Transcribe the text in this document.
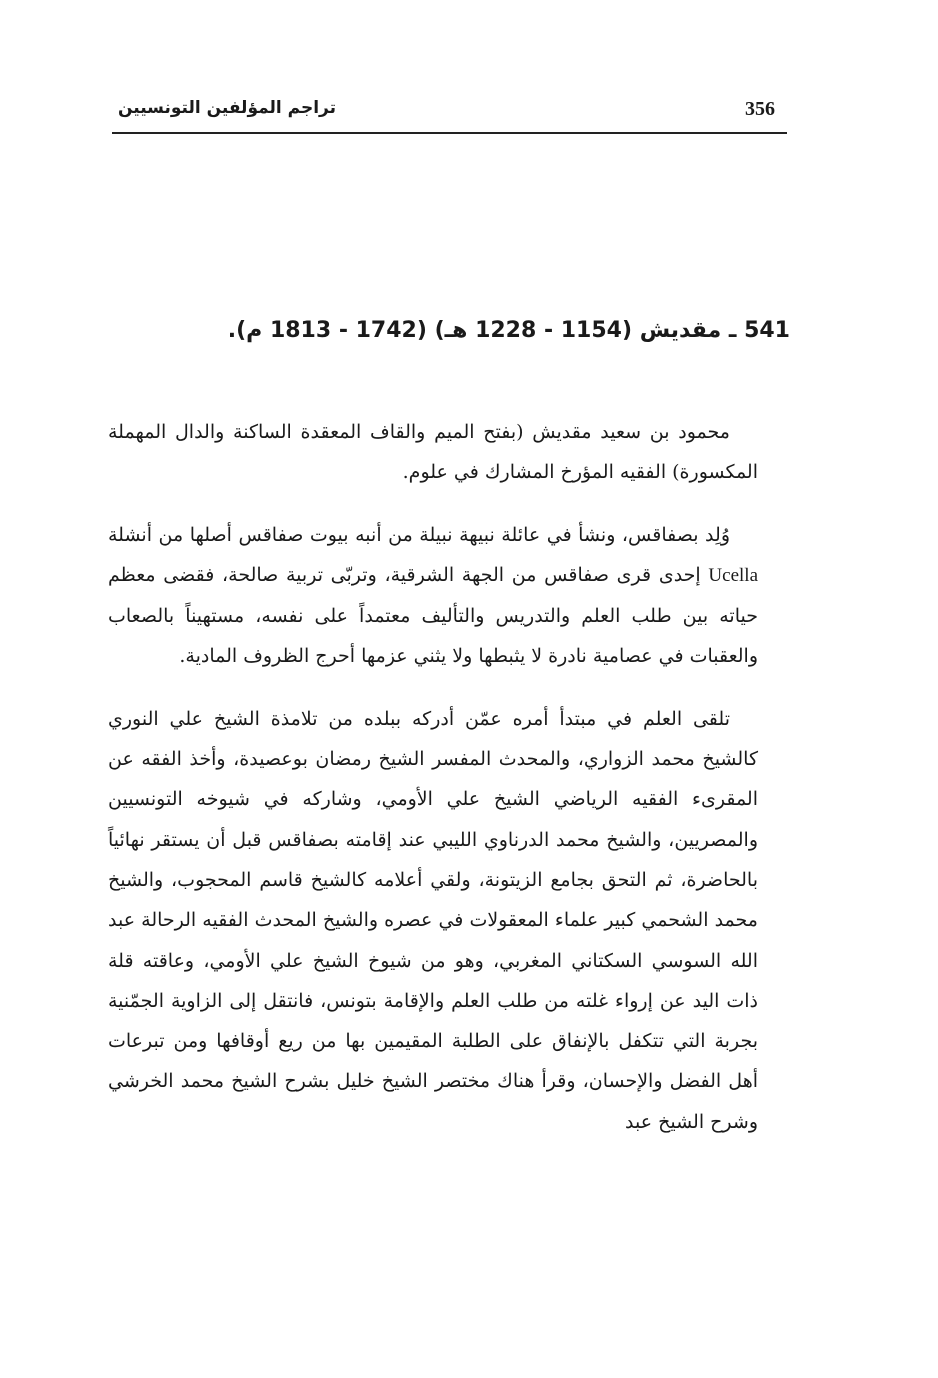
356
تراجم المؤلفين التونسيين
541 ـ مقديش (1154 - 1228 هـ) (1742 - 1813 م).

محمود بن سعيد مقديش (بفتح الميم والقاف المعقدة الساكنة والدال المهملة المكسورة) الفقيه المؤرخ المشارك في علوم.

وُلِد بصفاقس، ونشأ في عائلة نبيهة نبيلة من أنبه بيوت صفاقس أصلها من أنشلة Ucella إحدى قرى صفاقس من الجهة الشرقية، وتربّى تربية صالحة، فقضى معظم حياته بين طلب العلم والتدريس والتأليف معتمداً على نفسه، مستهيناً بالصعاب والعقبات في عصامية نادرة لا يثبطها ولا يثني عزمها أحرج الظروف المادية.

تلقى العلم في مبتدأ أمره عمّن أدركه ببلده من تلامذة الشيخ علي النوري كالشيخ محمد الزواري، والمحدث المفسر الشيخ رمضان بوعصيدة، وأخذ الفقه عن المقرىء الفقيه الرياضي الشيخ علي الأومي، وشاركه في شيوخه التونسيين والمصريين، والشيخ محمد الدرناوي الليبي عند إقامته بصفاقس قبل أن يستقر نهائياً بالحاضرة، ثم التحق بجامع الزيتونة، ولقي أعلامه كالشيخ قاسم المحجوب، والشيخ محمد الشحمي كبير علماء المعقولات في عصره والشيخ المحدث الفقيه الرحالة عبد الله السوسي السكتاني المغربي، وهو من شيوخ الشيخ علي الأومي، وعاقته قلة ذات اليد عن إرواء غلته من طلب العلم والإقامة بتونس، فانتقل إلى الزاوية الجمّنية بجربة التي تتكفل بالإنفاق على الطلبة المقيمين بها من ريع أوقافها ومن تبرعات أهل الفضل والإحسان، وقرأ هناك مختصر الشيخ خليل بشرح الشيخ محمد الخرشي وشرح الشيخ عبد
